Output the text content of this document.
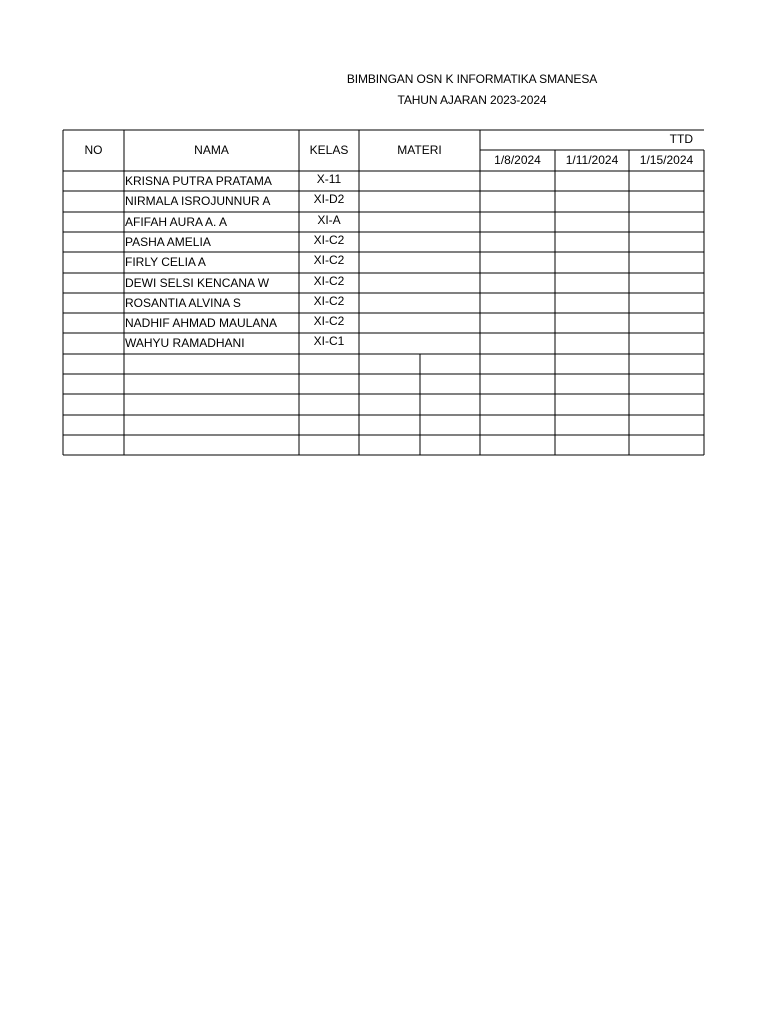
BIMBINGAN OSN K INFORMATIKA SMANESA
TAHUN AJARAN 2023-2024
NO	NAMA	KELAS	MATERI
TTD
1/8/2024	1/11/2024	1/15/2024
KRISNA PUTRA PRATAMA	X-11
NIRMALA ISROJUNNUR A	XI-D2
AFIFAH AURA A. A	XI-A
PASHA AMELIA	XI-C2
FIRLY CELIA A	XI-C2
DEWI SELSI KENCANA W	XI-C2
ROSANTIA ALVINA S	XI-C2
NADHIF AHMAD MAULANA	XI-C2
WAHYU RAMADHANI	XI-C1
